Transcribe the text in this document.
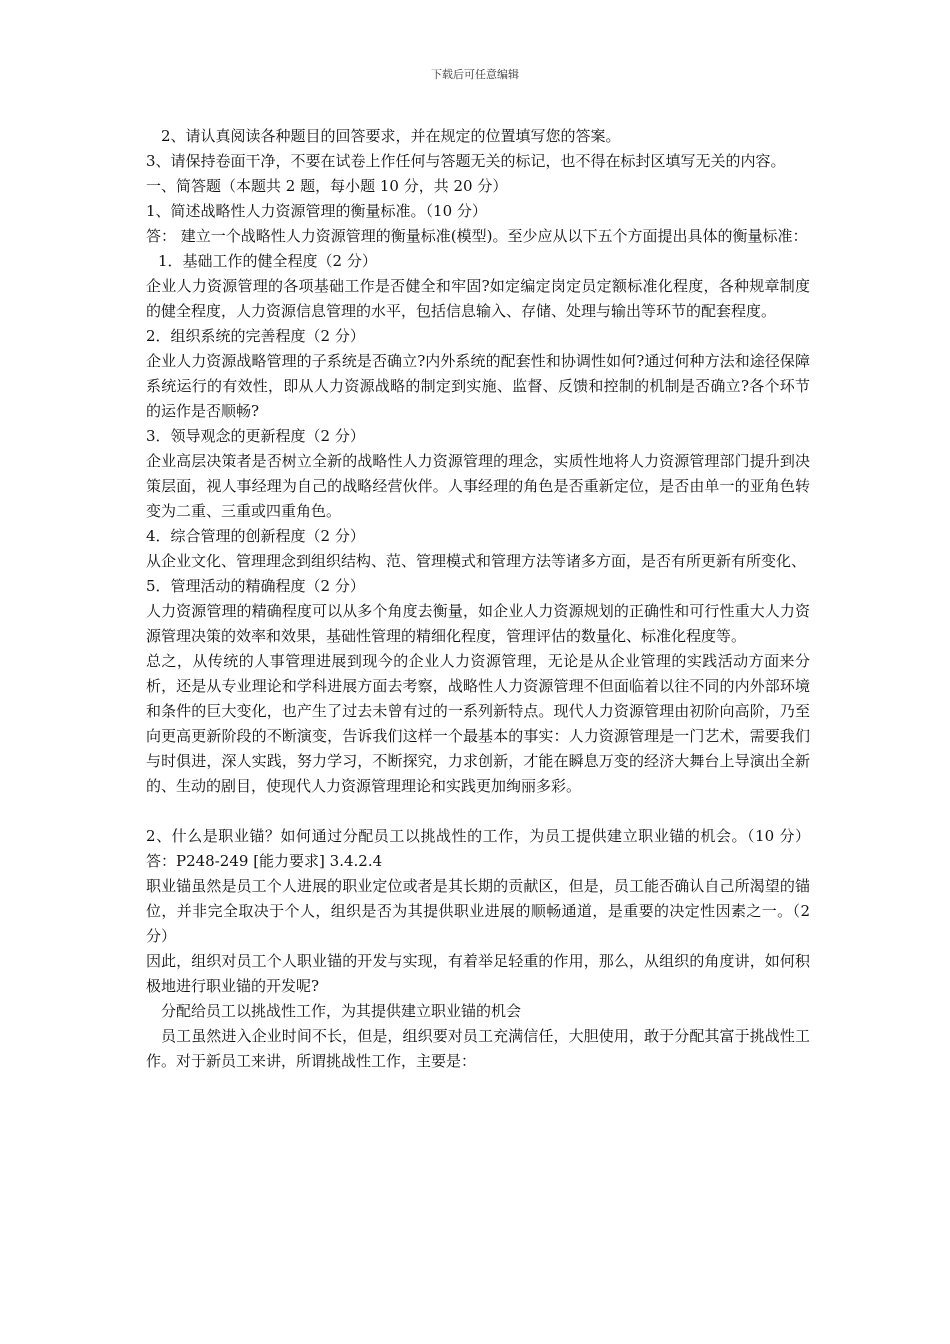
下载后可任意编辑

2、请认真阅读各种题目的回答要求，并在规定的位置填写您的答案。

3、请保持卷面干净，不要在试卷上作任何与答题无关的标记，也不得在标封区填写无关的内容。

一、简答题（本题共 2 题，每小题 10 分，共 20 分）

1、简述战略性人力资源管理的衡量标准。（10 分）

答： 建立一个战略性人力资源管理的衡量标准(模型)。至少应从以下五个方面提出具体的衡量标准：

1．基础工作的健全程度（2 分）

企业人力资源管理的各项基础工作是否健全和牢固?如定编定岗定员定额标准化程度，各种规章制度的健全程度，人力资源信息管理的水平，包括信息输入、存储、处理与输出等环节的配套程度。

2．组织系统的完善程度（2 分）

企业人力资源战略管理的子系统是否确立?内外系统的配套性和协调性如何?通过何种方法和途径保障系统运行的有效性，即从人力资源战略的制定到实施、监督、反馈和控制的机制是否确立?各个环节的运作是否顺畅?

3．领导观念的更新程度（2 分）

企业高层决策者是否树立全新的战略性人力资源管理的理念，实质性地将人力资源管理部门提升到决策层面，视人事经理为自己的战略经营伙伴。人事经理的角色是否重新定位，是否由单一的亚角色转变为二重、三重或四重角色。

4．综合管理的创新程度（2 分）

从企业文化、管理理念到组织结构、范、管理模式和管理方法等诸多方面，是否有所更新有所变化、

5．管理活动的精确程度（2 分）

人力资源管理的精确程度可以从多个角度去衡量，如企业人力资源规划的正确性和可行性重大人力资源管理决策的效率和效果，基础性管理的精细化程度，管理评估的数量化、标准化程度等。

总之，从传统的人事管理进展到现今的企业人力资源管理，无论是从企业管理的实践活动方面来分析，还是从专业理论和学科进展方面去考察，战略性人力资源管理不但面临着以往不同的内外部环境和条件的巨大变化，也产生了过去未曾有过的一系列新特点。现代人力资源管理由初阶向高阶，乃至向更高更新阶段的不断演变，告诉我们这样一个最基本的事实：人力资源管理是一门艺术，需要我们与时俱进，深人实践，努力学习，不断探究，力求创新，才能在瞬息万变的经济大舞台上导演出全新的、生动的剧目，使现代人力资源管理理论和实践更加绚丽多彩。

2、什么是职业锚？如何通过分配员工以挑战性的工作，为员工提供建立职业锚的机会。（10 分）答：P248-249 [能力要求] 3.4.2.4

职业锚虽然是员工个人进展的职业定位或者是其长期的贡献区，但是，员工能否确认自己所渴望的锚位，并非完全取决于个人，组织是否为其提供职业进展的顺畅通道，是重要的决定性因素之一。（2 分）

因此，组织对员工个人职业锚的开发与实现，有着举足轻重的作用，那么，从组织的角度讲，如何积极地进行职业锚的开发呢?

分配给员工以挑战性工作，为其提供建立职业锚的机会

员工虽然进入企业时间不长，但是，组织要对员工充满信任，大胆使用，敢于分配其富于挑战性工作。对于新员工来讲，所谓挑战性工作，主要是：
